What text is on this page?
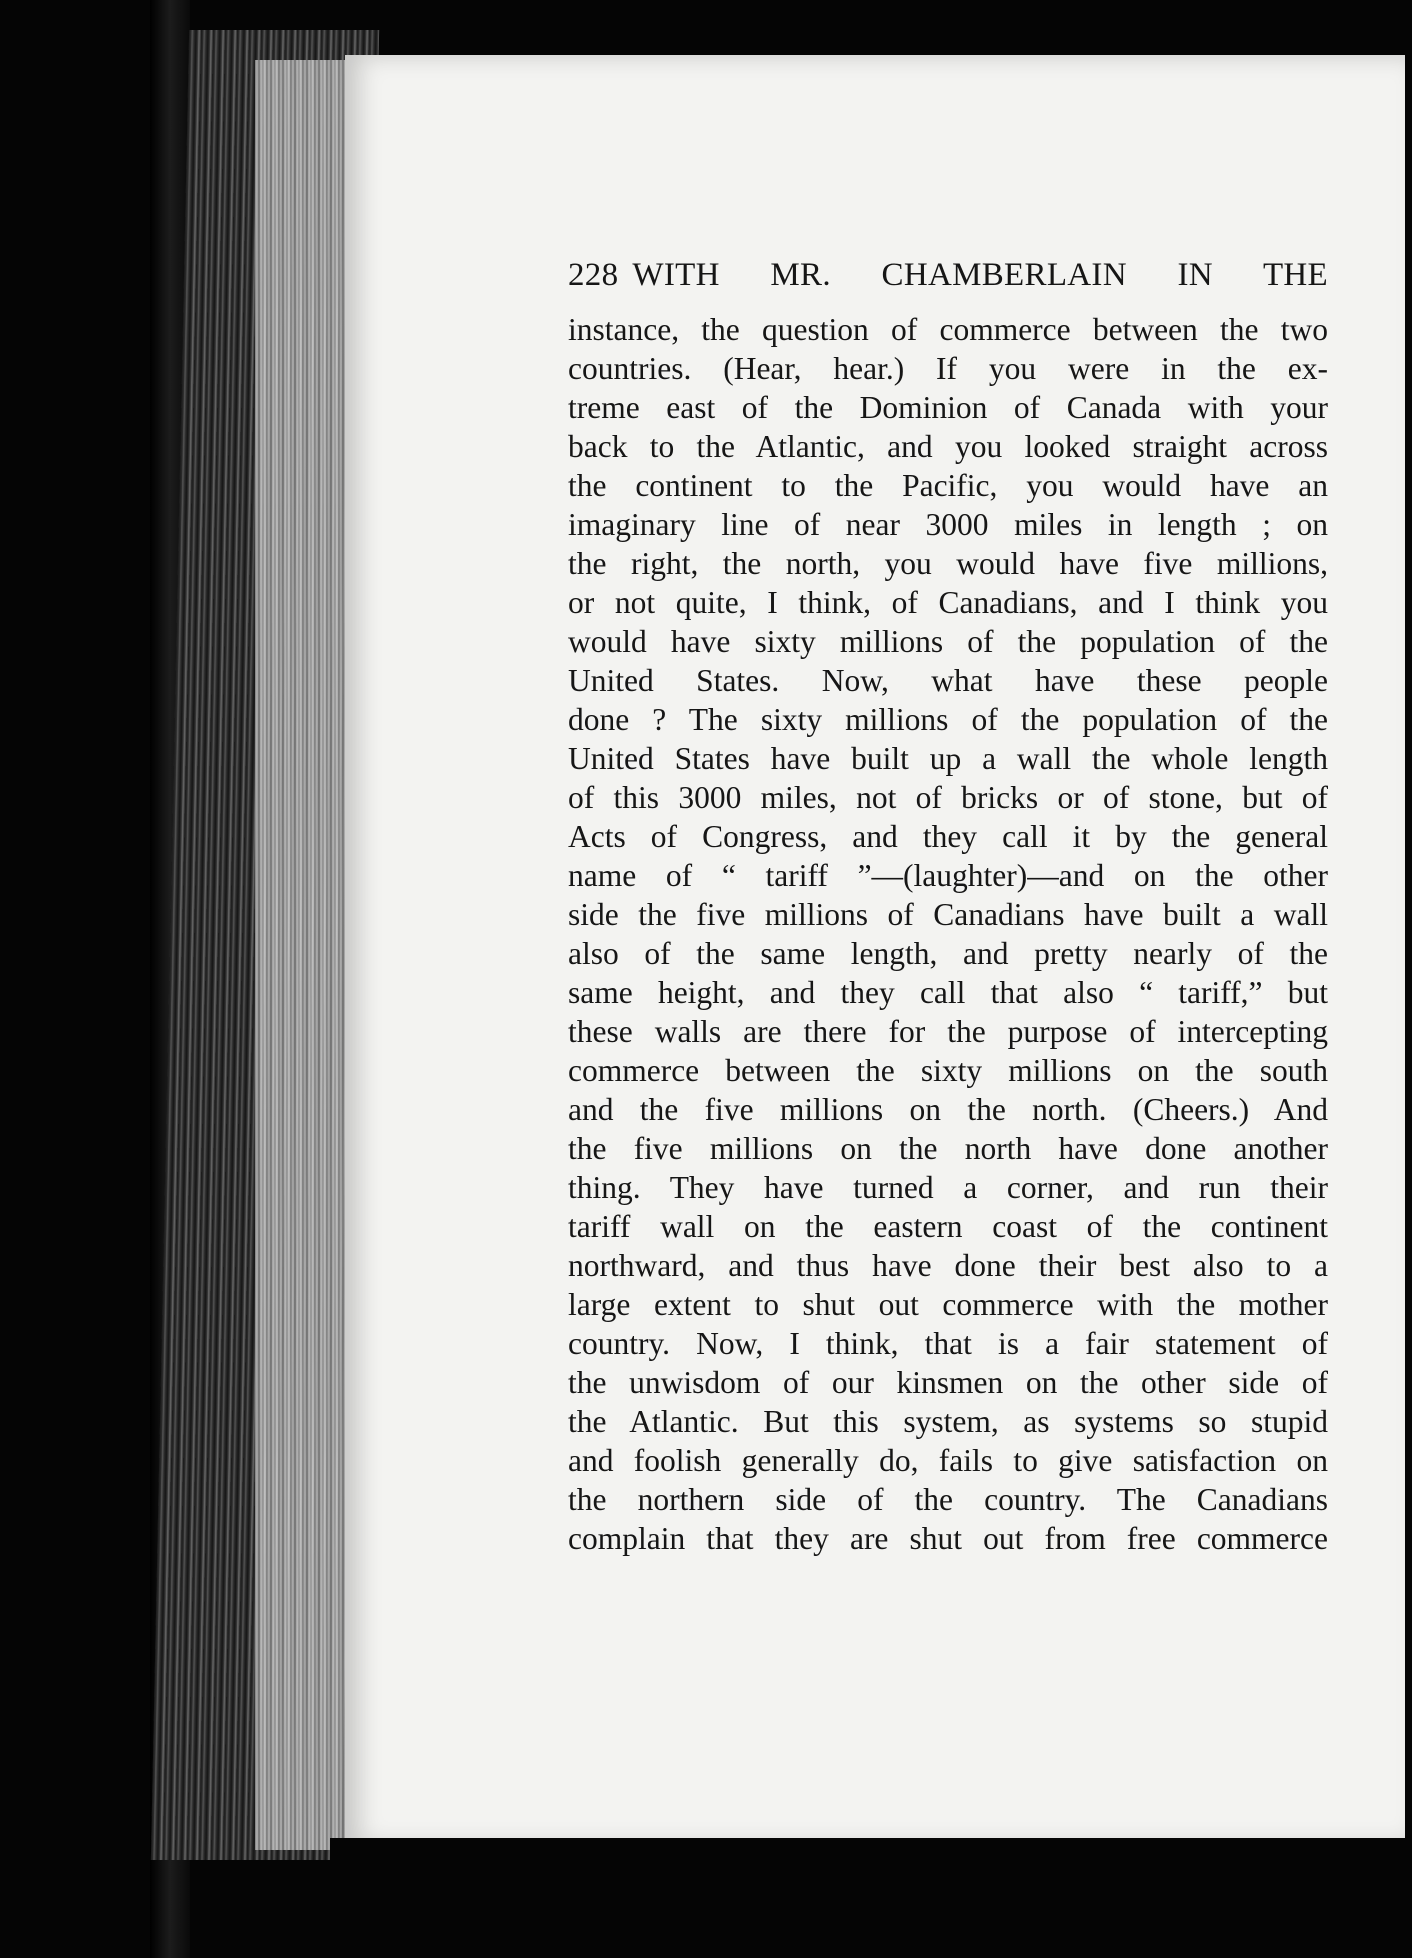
228 WITH MR. CHAMBERLAIN IN THE
instance, the question of commerce between the two
countries. (Hear, hear.) If you were in the ex-
treme east of the Dominion of Canada with your
back to the Atlantic, and you looked straight across
the continent to the Pacific, you would have an
imaginary line of near 3000 miles in length ; on
the right, the north, you would have five millions,
or not quite, I think, of Canadians, and I think you
would have sixty millions of the population of the
United States. Now, what have these people
done ? The sixty millions of the population of the
United States have built up a wall the whole length
of this 3000 miles, not of bricks or of stone, but of
Acts of Congress, and they call it by the general
name of “ tariff ”—(laughter)—and on the other
side the five millions of Canadians have built a wall
also of the same length, and pretty nearly of the
same height, and they call that also “ tariff,” but
these walls are there for the purpose of intercepting
commerce between the sixty millions on the south
and the five millions on the north. (Cheers.) And
the five millions on the north have done another
thing. They have turned a corner, and run their
tariff wall on the eastern coast of the continent
northward, and thus have done their best also to a
large extent to shut out commerce with the mother
country. Now, I think, that is a fair statement of
the unwisdom of our kinsmen on the other side of
the Atlantic. But this system, as systems so stupid
and foolish generally do, fails to give satisfaction on
the northern side of the country. The Canadians
complain that they are shut out from free commerce
